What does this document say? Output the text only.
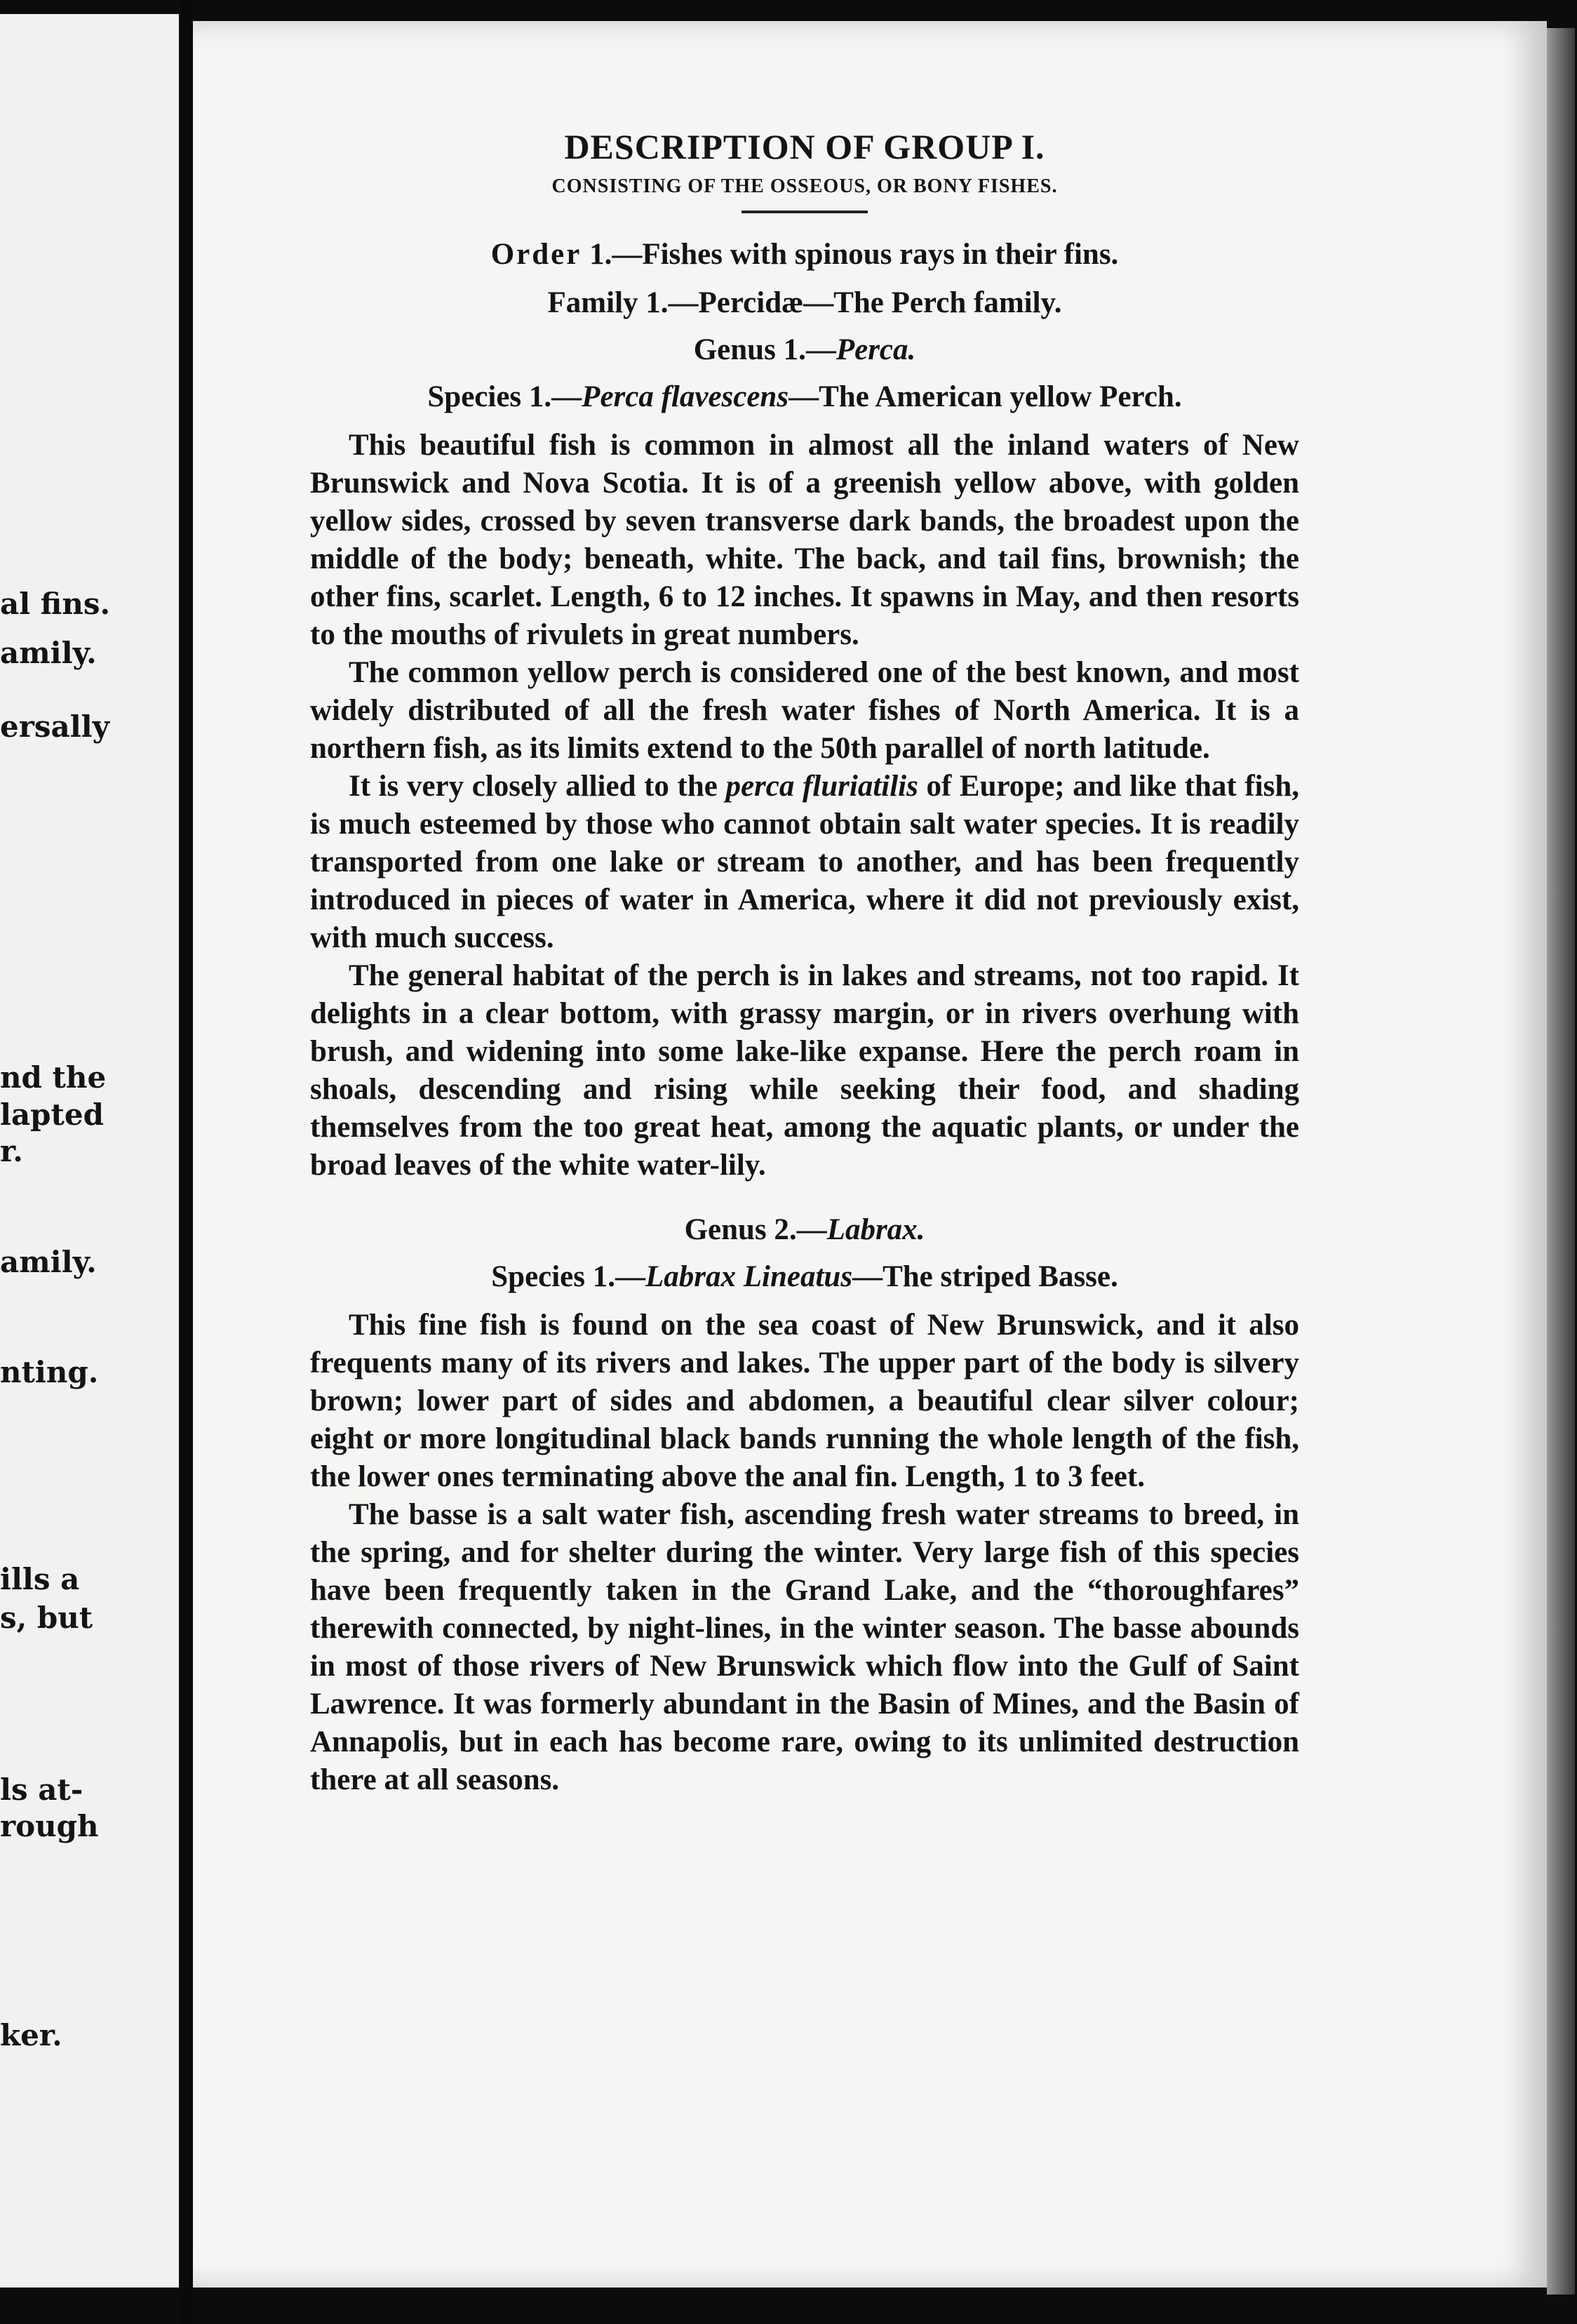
al fins.
amily.
ersally
nd the
lapted
r.
amily.
nting.
ills a
s, but
ls at-
rough
ker.
DESCRIPTION OF GROUP I.
CONSISTING OF THE OSSEOUS, OR BONY FISHES.
Order 1.—Fishes with spinous rays in their fins.
Family 1.—Percidæ—The Perch family.
Genus 1.—Perca.
Species 1.—Perca flavescens—The American yellow Perch.

This beautiful fish is common in almost all the inland waters of New Brunswick and Nova Scotia. It is of a greenish yellow above, with golden yellow sides, crossed by seven transverse dark bands, the broadest upon the middle of the body; beneath, white. The back, and tail fins, brownish; the other fins, scarlet. Length, 6 to 12 inches. It spawns in May, and then resorts to the mouths of rivulets in great numbers.

The common yellow perch is considered one of the best known, and most widely distributed of all the fresh water fishes of North America. It is a northern fish, as its limits extend to the 50th parallel of north latitude.

It is very closely allied to the perca fluriatilis of Europe; and like that fish, is much esteemed by those who cannot obtain salt water species. It is readily transported from one lake or stream to another, and has been frequently introduced in pieces of water in America, where it did not previously exist, with much success.

The general habitat of the perch is in lakes and streams, not too rapid. It delights in a clear bottom, with grassy margin, or in rivers overhung with brush, and widening into some lake-like expanse. Here the perch roam in shoals, descending and rising while seeking their food, and shading themselves from the too great heat, among the aquatic plants, or under the broad leaves of the white water-lily.

Genus 2.—Labrax.
Species 1.—Labrax Lineatus—The striped Basse.

This fine fish is found on the sea coast of New Brunswick, and it also frequents many of its rivers and lakes. The upper part of the body is silvery brown; lower part of sides and abdomen, a beautiful clear silver colour; eight or more longitudinal black bands running the whole length of the fish, the lower ones terminating above the anal fin. Length, 1 to 3 feet.

The basse is a salt water fish, ascending fresh water streams to breed, in the spring, and for shelter during the winter. Very large fish of this species have been frequently taken in the Grand Lake, and the “thoroughfares” therewith connected, by night-lines, in the winter season. The basse abounds in most of those rivers of New Brunswick which flow into the Gulf of Saint Lawrence. It was formerly abundant in the Basin of Mines, and the Basin of Annapolis, but in each has become rare, owing to its unlimited destruction there at all seasons.
